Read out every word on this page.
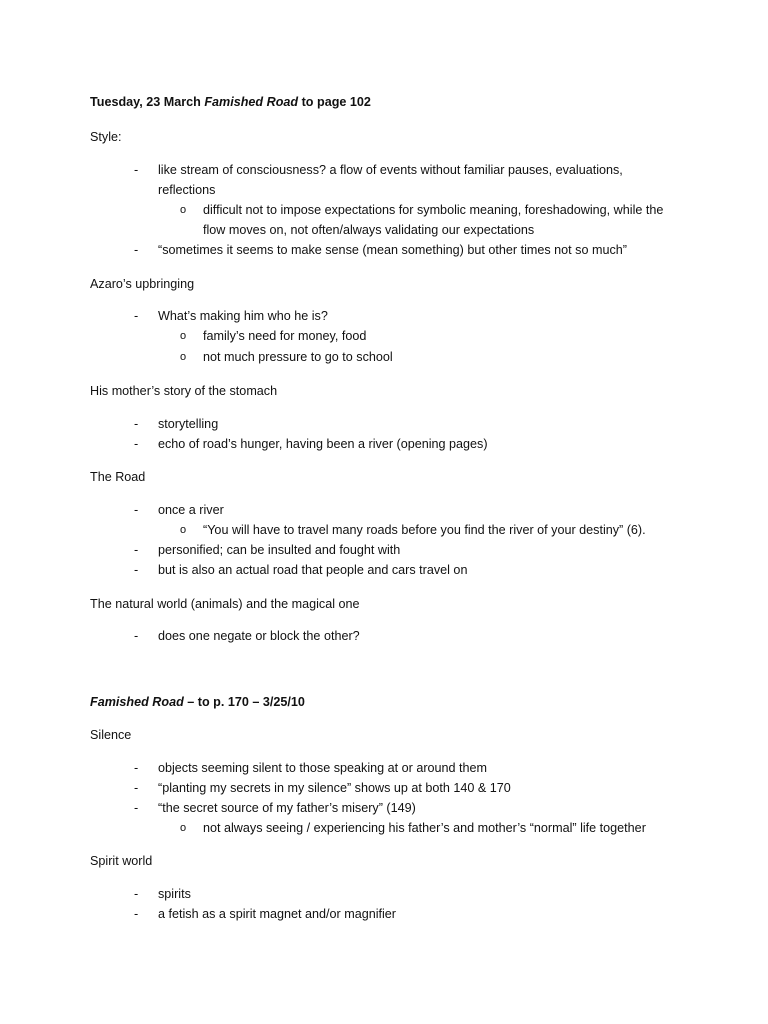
Tuesday, 23 March Famished Road to page 102
Style:
- like stream of consciousness? a flow of events without familiar pauses, evaluations,
reflections
o difficult not to impose expectations for symbolic meaning, foreshadowing, while the
flow moves on, not often/always validating our expectations
- “sometimes it seems to make sense (mean something) but other times not so much”
Azaro’s upbringing
- What’s making him who he is?
o family’s need for money, food
o not much pressure to go to school
His mother’s story of the stomach
- storytelling
- echo of road’s hunger, having been a river (opening pages)
The Road
- once a river
o “You will have to travel many roads before you find the river of your destiny” (6).
- personified; can be insulted and fought with
- but is also an actual road that people and cars travel on
The natural world (animals) and the magical one
- does one negate or block the other?
Famished Road – to p. 170 – 3/25/10
Silence
- objects seeming silent to those speaking at or around them
- “planting my secrets in my silence” shows up at both 140 & 170
- “the secret source of my father’s misery” (149)
o not always seeing / experiencing his father’s and mother’s “normal” life together
Spirit world
- spirits
- a fetish as a spirit magnet and/or magnifier
